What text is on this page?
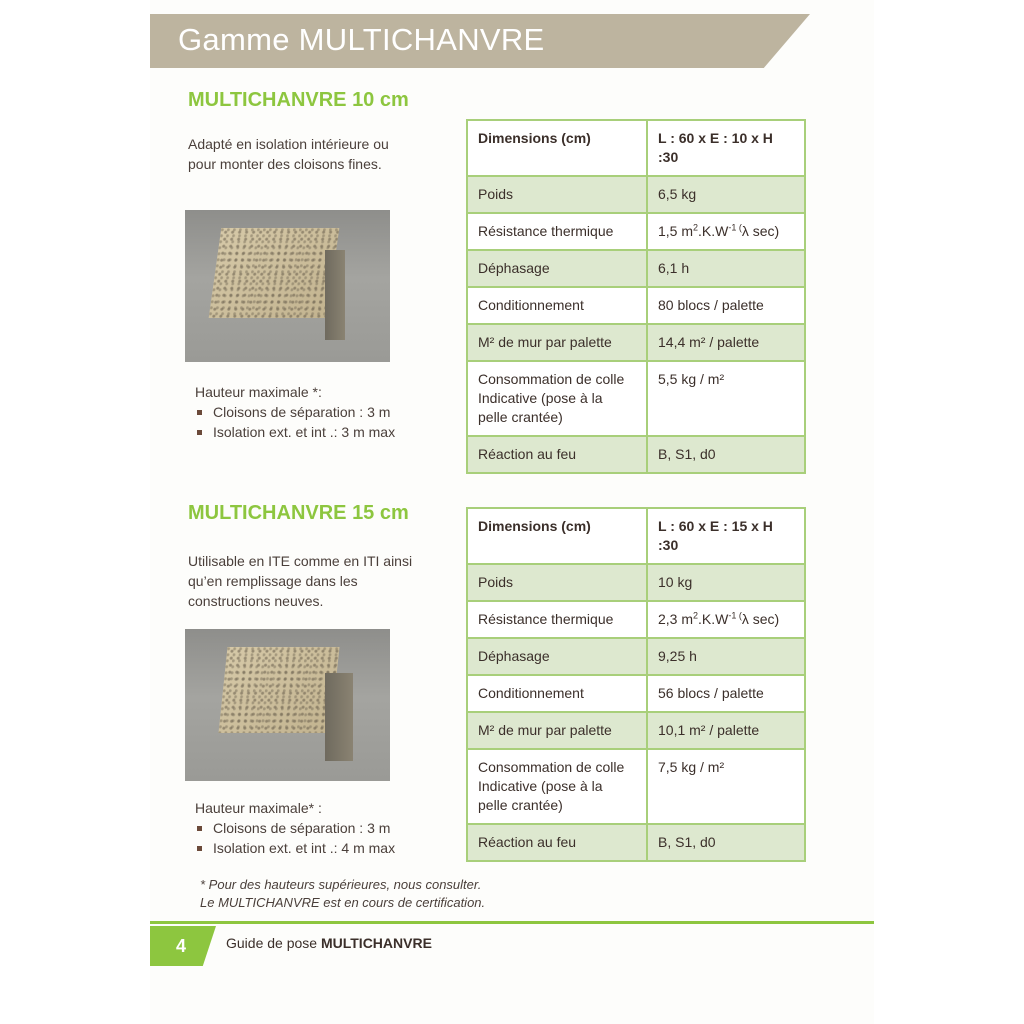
Gamme MULTICHANVRE
MULTICHANVRE 10 cm
Adapté en isolation intérieure ou
pour monter des cloisons fines.
Hauteur maximale *:
Cloisons de séparation : 3 m
Isolation ext. et int .: 3 m max
Dimensions (cm)	L : 60 x E : 10 x H :30
Poids	6,5 kg
Résistance thermique	1,5 $m^2.K.W^{-1 (}\lambda$ sec)
Déphasage	6,1 h
Conditionnement	80 blocs / palette
M² de mur par palette	14,4 m² / palette

Consommation de colle
Indicative (pose à la
pelle crantée)	5,5 kg / m²
Réaction au feu	B, S1, d0
MULTICHANVRE 15 cm
Utilisable en ITE comme en ITI ainsi
qu’en remplissage dans les
constructions neuves.
Hauteur maximale* :
Cloisons de séparation : 3 m
Isolation ext. et int .: 4 m max
Dimensions (cm)	L : 60 x E : 15 x H :30
Poids	10 kg
Résistance thermique	2,3 $m^2.K.W^{-1 (}\lambda$ sec)
Déphasage	9,25 h
Conditionnement	56 blocs / palette
M² de mur par palette	10,1 m² / palette

Consommation de colle
Indicative (pose à la
pelle crantée)	7,5 kg / m²
Réaction au feu	B, S1, d0
* Pour des hauteurs supérieures, nous consulter.
Le MULTICHANVRE est en cours de certification.
4	Guide de pose MULTICHANVRE
